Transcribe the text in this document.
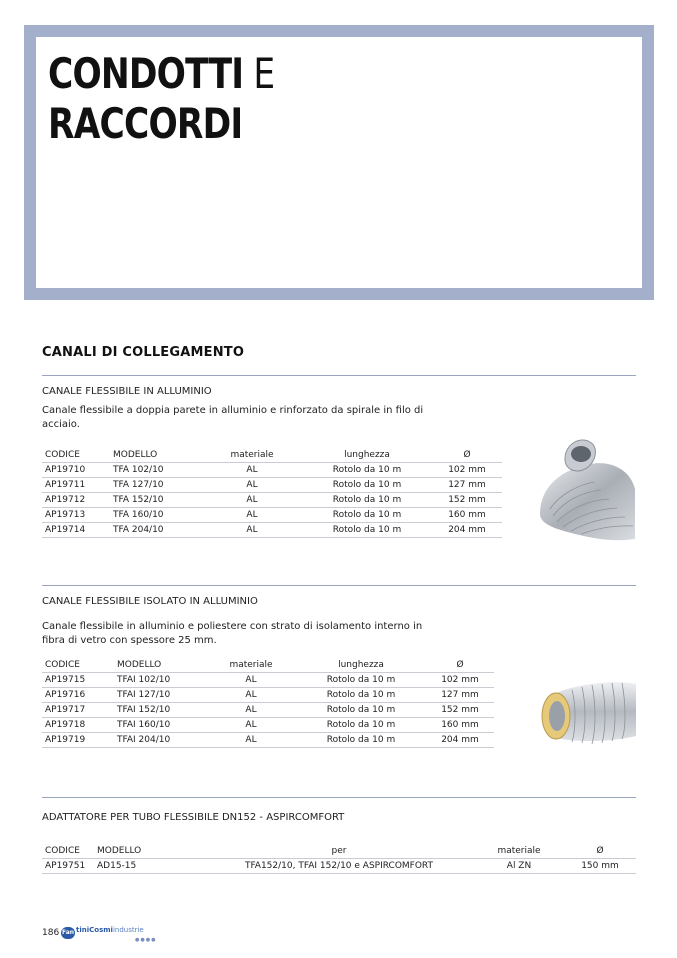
CONDOTTI E
RACCORDI
CANALI DI COLLEGAMENTO
CANALE FLESSIBILE IN ALLUMINIO
Canale flessibile a doppia parete in alluminio e rinforzato da spirale in filo di acciaio.
CODICE	MODELLO	materiale	lunghezza	Ø
AP19710	TFA 102/10	AL	Rotolo da 10 m	102 mm
AP19711	TFA 127/10	AL	Rotolo da 10 m	127 mm
AP19712	TFA 152/10	AL	Rotolo da 10 m	152 mm
AP19713	TFA 160/10	AL	Rotolo da 10 m	160 mm
AP19714	TFA 204/10	AL	Rotolo da 10 m	204 mm
CANALE FLESSIBILE ISOLATO IN ALLUMINIO
Canale flessibile in alluminio e poliestere con strato di isolamento interno in fibra di vetro con spessore 25 mm.
CODICE	MODELLO	materiale	lunghezza	Ø
AP19715	TFAI 102/10	AL	Rotolo da 10 m	102 mm
AP19716	TFAI 127/10	AL	Rotolo da 10 m	127 mm
AP19717	TFAI 152/10	AL	Rotolo da 10 m	152 mm
AP19718	TFAI 160/10	AL	Rotolo da 10 m	160 mm
AP19719	TFAI 204/10	AL	Rotolo da 10 m	204 mm
ADATTATORE PER TUBO FLESSIBILE DN152 - ASPIRCOMFORT
CODICE	MODELLO	per	materiale	Ø
AP19751	AD15-15	TFA152/10, TFAI 152/10 e ASPIRCOMFORT	Al ZN	150 mm
186 Fan tiniCosmiindustrie
●●●●
